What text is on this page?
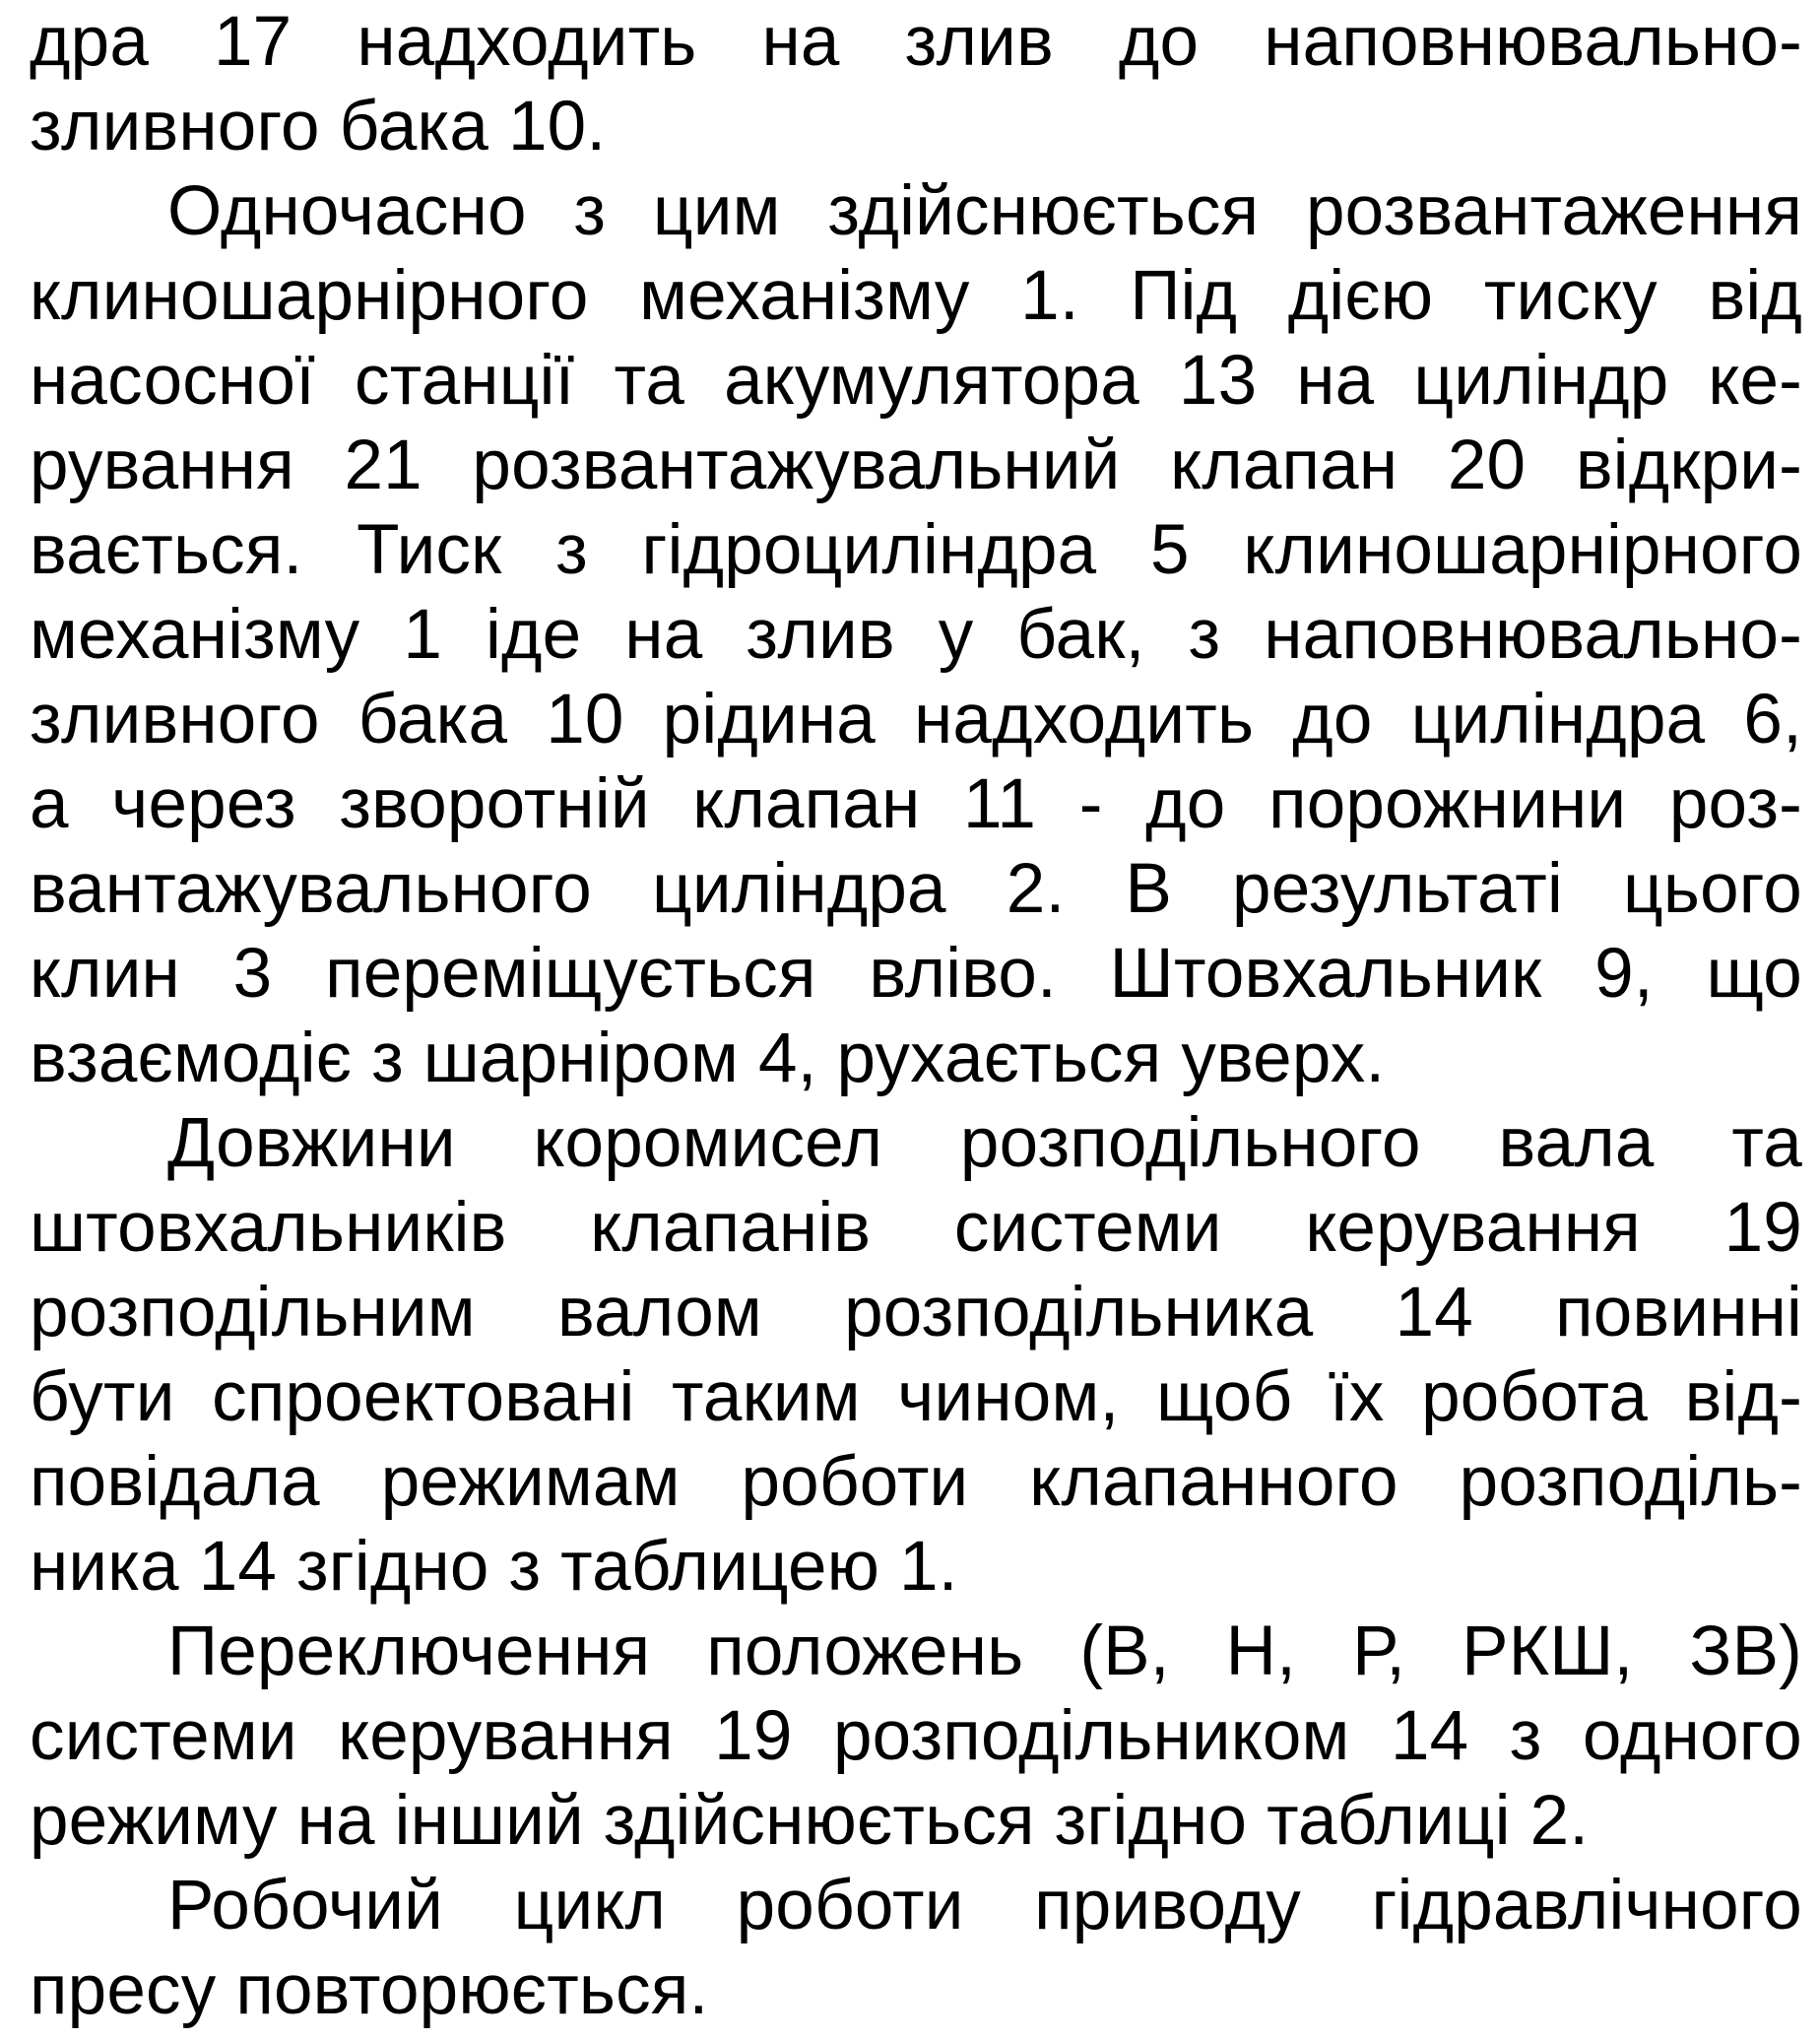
дра 17 надходить на злив до наповнювально-
зливного бака 10.
Одночасно з цим здійснюється розвантаження
клиношарнірного механізму 1. Під дією тиску від
насосної станції та акумулятора 13 на циліндр ке-
рування 21 розвантажувальний клапан 20 відкри-
вається. Тиск з гідроциліндра 5 клиношарнірного
механізму 1 іде на злив у бак, з наповнювально-
зливного бака 10 рідина надходить до циліндра 6,
а через зворотній клапан 11 - до порожнини роз-
вантажувального циліндра 2. В результаті цього
клин 3 переміщується вліво. Штовхальник 9, що
взаємодіє з шарніром 4, рухається уверх.
Довжини коромисел розподільного вала та
штовхальників клапанів системи керування 19
розподільним валом розподільника 14 повинні
бути спроектовані таким чином, щоб їх робота від-
повідала режимам роботи клапанного розподіль-
ника 14 згідно з таблицею 1.
Переключення положень (В, Н, Р, РКШ, ЗВ)
системи керування 19 розподільником 14 з одного
режиму на інший здійснюється згідно таблиці 2.
Робочий цикл роботи приводу гідравлічного
пресу повторюється.
